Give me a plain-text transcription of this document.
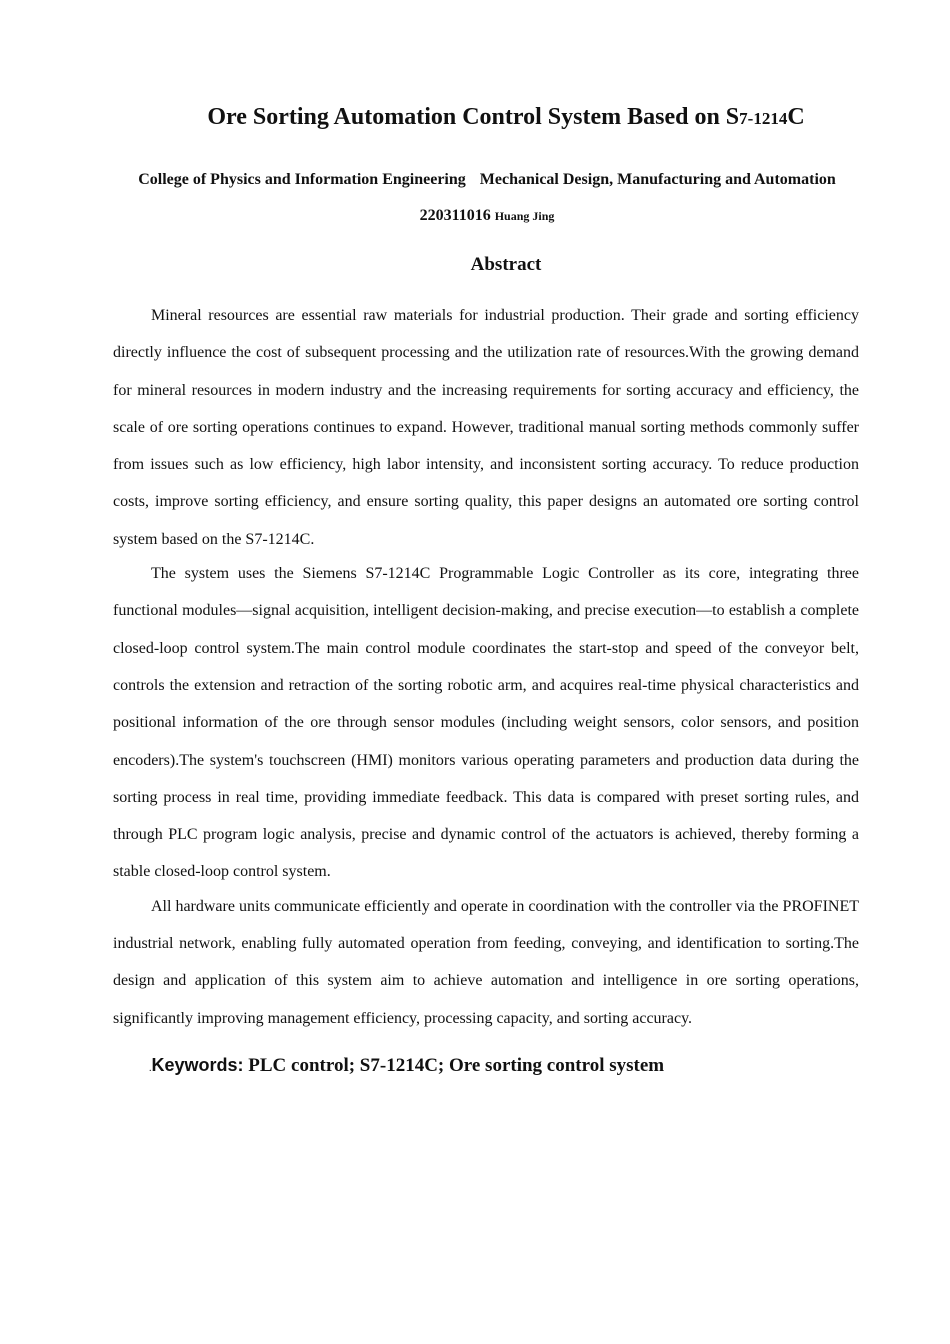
Ore Sorting Automation Control System Based on S7-1214C
College of Physics and Information Engineering Mechanical Design, Manufacturing and Automation
220311016 Huang Jing
Abstract

Mineral resources are essential raw materials for industrial production. Their grade and sorting efficiency directly influence the cost of subsequent processing and the utilization rate of resources.With the growing demand for mineral resources in modern industry and the increasing requirements for sorting accuracy and efficiency, the scale of ore sorting operations continues to expand. However, traditional manual sorting methods commonly suffer from issues such as low efficiency, high labor intensity, and inconsistent sorting accuracy. To reduce production costs, improve sorting efficiency, and ensure sorting quality, this paper designs an automated ore sorting control system based on the S7-1214C.

The system uses the Siemens S7-1214C Programmable Logic Controller as its core, integrating three functional modules—signal acquisition, intelligent decision-making, and precise execution—to establish a complete closed-loop control system.The main control module coordinates the start-stop and speed of the conveyor belt, controls the extension and retraction of the sorting robotic arm, and acquires real-time physical characteristics and positional information of the ore through sensor modules (including weight sensors, color sensors, and position encoders).The system's touchscreen (HMI) monitors various operating parameters and production data during the sorting process in real time, providing immediate feedback. This data is compared with preset sorting rules, and through PLC program logic analysis, precise and dynamic control of the actuators is achieved, thereby forming a stable closed-loop control system.

All hardware units communicate efficiently and operate in coordination with the controller via the PROFINET industrial network, enabling fully automated operation from feeding, conveying, and identification to sorting.The design and application of this system aim to achieve automation and intelligence in ore sorting operations, significantly improving management efficiency, processing capacity, and sorting accuracy.

.Keywords: PLC control; S7-1214C; Ore sorting control system
